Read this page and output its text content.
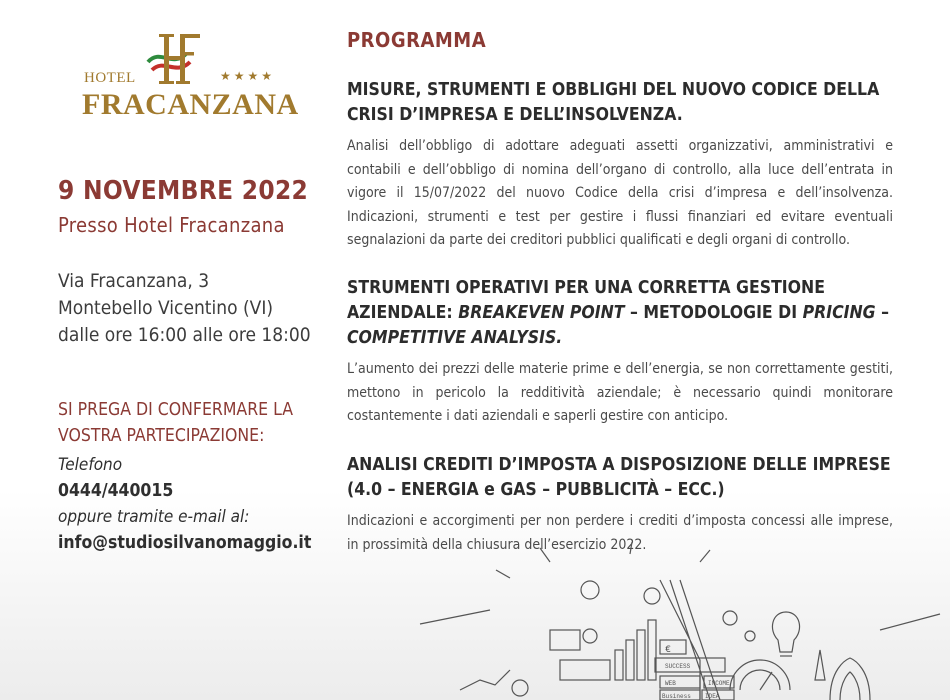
HOTEL	★★★★
FRACANZANA
9 NOVEMBRE 2022
Presso Hotel Fracanzana
Via Fracanzana, 3
Montebello Vicentino (VI)
dalle ore 16:00 alle ore 18:00
SI PREGA DI CONFERMARE LA
VOSTRA PARTECIPAZIONE:
Telefono
0444/440015
oppure tramite e-mail al:
info@studiosilvanomaggio.it
PROGRAMMA
MISURE, STRUMENTI E OBBLIGHI DEL NUOVO CODICE DELLA CRISI D’IMPRESA E DELL’INSOLVENZA.
Analisi dell’obbligo di adottare adeguati assetti organizzativi, amministrativi e contabili e dell’obbligo di nomina dell’organo di controllo, alla luce dell’entrata in vigore il 15/07/2022 del nuovo Codice della crisi d’impresa e dell’insolvenza. Indicazioni, strumenti e test per gestire i flussi finanziari ed evitare eventuali segnalazioni da parte dei creditori pubblici qualificati e degli organi di controllo.
STRUMENTI OPERATIVI PER UNA CORRETTA GESTIONE AZIENDALE: BREAKEVEN POINT – METODOLOGIE DI PRICING – COMPETITIVE ANALYSIS.
L’aumento dei prezzi delle materie prime e dell’energia, se non correttamente gestiti, mettono in pericolo la redditività aziendale; è necessario quindi monitorare costantemente i dati aziendali e saperli gestire con anticipo.
ANALISI CREDITI D’IMPOSTA A DISPOSIZIONE DELLE IMPRESE
(4.0 – ENERGIA e GAS – PUBBLICITÀ – ECC.)
Indicazioni e accorgimenti per non perdere i crediti d’imposta concessi alle imprese, in prossimità della chiusura dell’esercizio 2022.
SUCCESS
WEB	INCOME
Business IDEA
€
